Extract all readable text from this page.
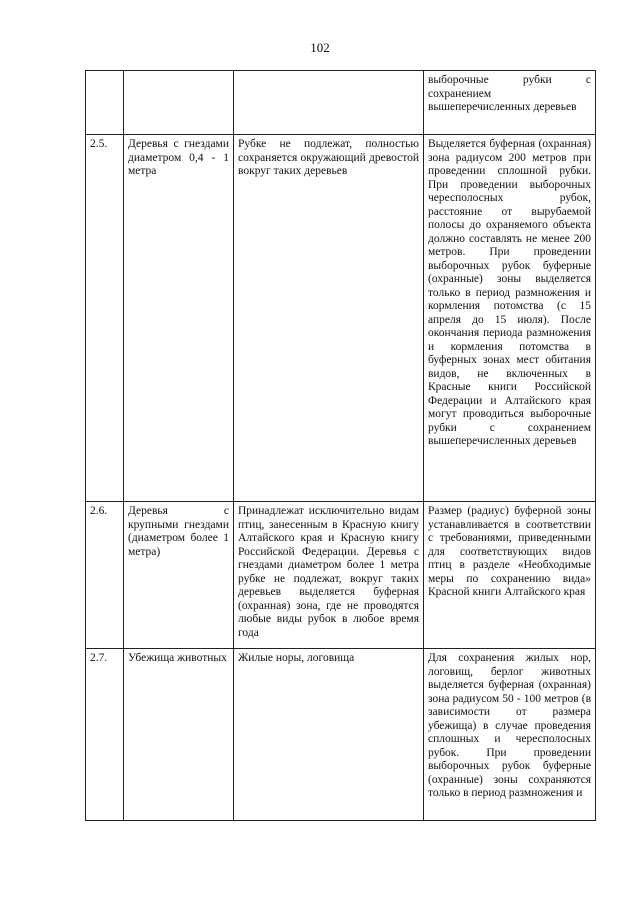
102
			выборочные рубки с сохранением вышеперечисленных деревьев
2.5.	Деревья с гнездами диаметром 0,4 - 1 метра	Рубке не подлежат, полностью сохраняется окружающий древостой вокруг таких деревьев	Выделяется буферная (охранная) зона радиусом 200 метров при проведении сплошной рубки. При проведении выборочных чересполосных рубок, расстояние от вырубаемой полосы до охраняемого объекта должно составлять не менее 200 метров. При проведении выборочных рубок буферные (охранные) зоны выделяется только в период размножения и кормления потомства (с 15 апреля до 15 июля). После окончания периода размножения и кормления потомства в буферных зонах мест обитания видов, не включенных в Красные книги Российской Федерации и Алтайского края могут проводиться выборочные рубки с сохранением вышеперечисленных деревьев
2.6.	Деревья с крупными гнездами (диаметром более 1 метра)	Принадлежат исключительно видам птиц, занесенным в Красную книгу Алтайского края и Красную книгу Российской Федерации. Деревья с гнездами диаметром более 1 метра рубке не подлежат, вокруг таких деревьев выделяется буферная (охранная) зона, где не проводятся любые виды рубок в любое время года	Размер (радиус) буферной зоны устанавливается в соответствии с требованиями, приведенными для соответствующих видов птиц в разделе «Необходимые меры по сохранению вида» Красной книги Алтайского края
2.7.	Убежища животных	Жилые норы, логовища	Для сохранения жилых нор, логовищ, берлог животных выделяется буферная (охранная) зона радиусом 50 - 100 метров (в зависимости от размера убежища) в случае проведения сплошных и чересполосных рубок. При проведении выборочных рубок буферные (охранные) зоны сохраняются только в период размножения и
